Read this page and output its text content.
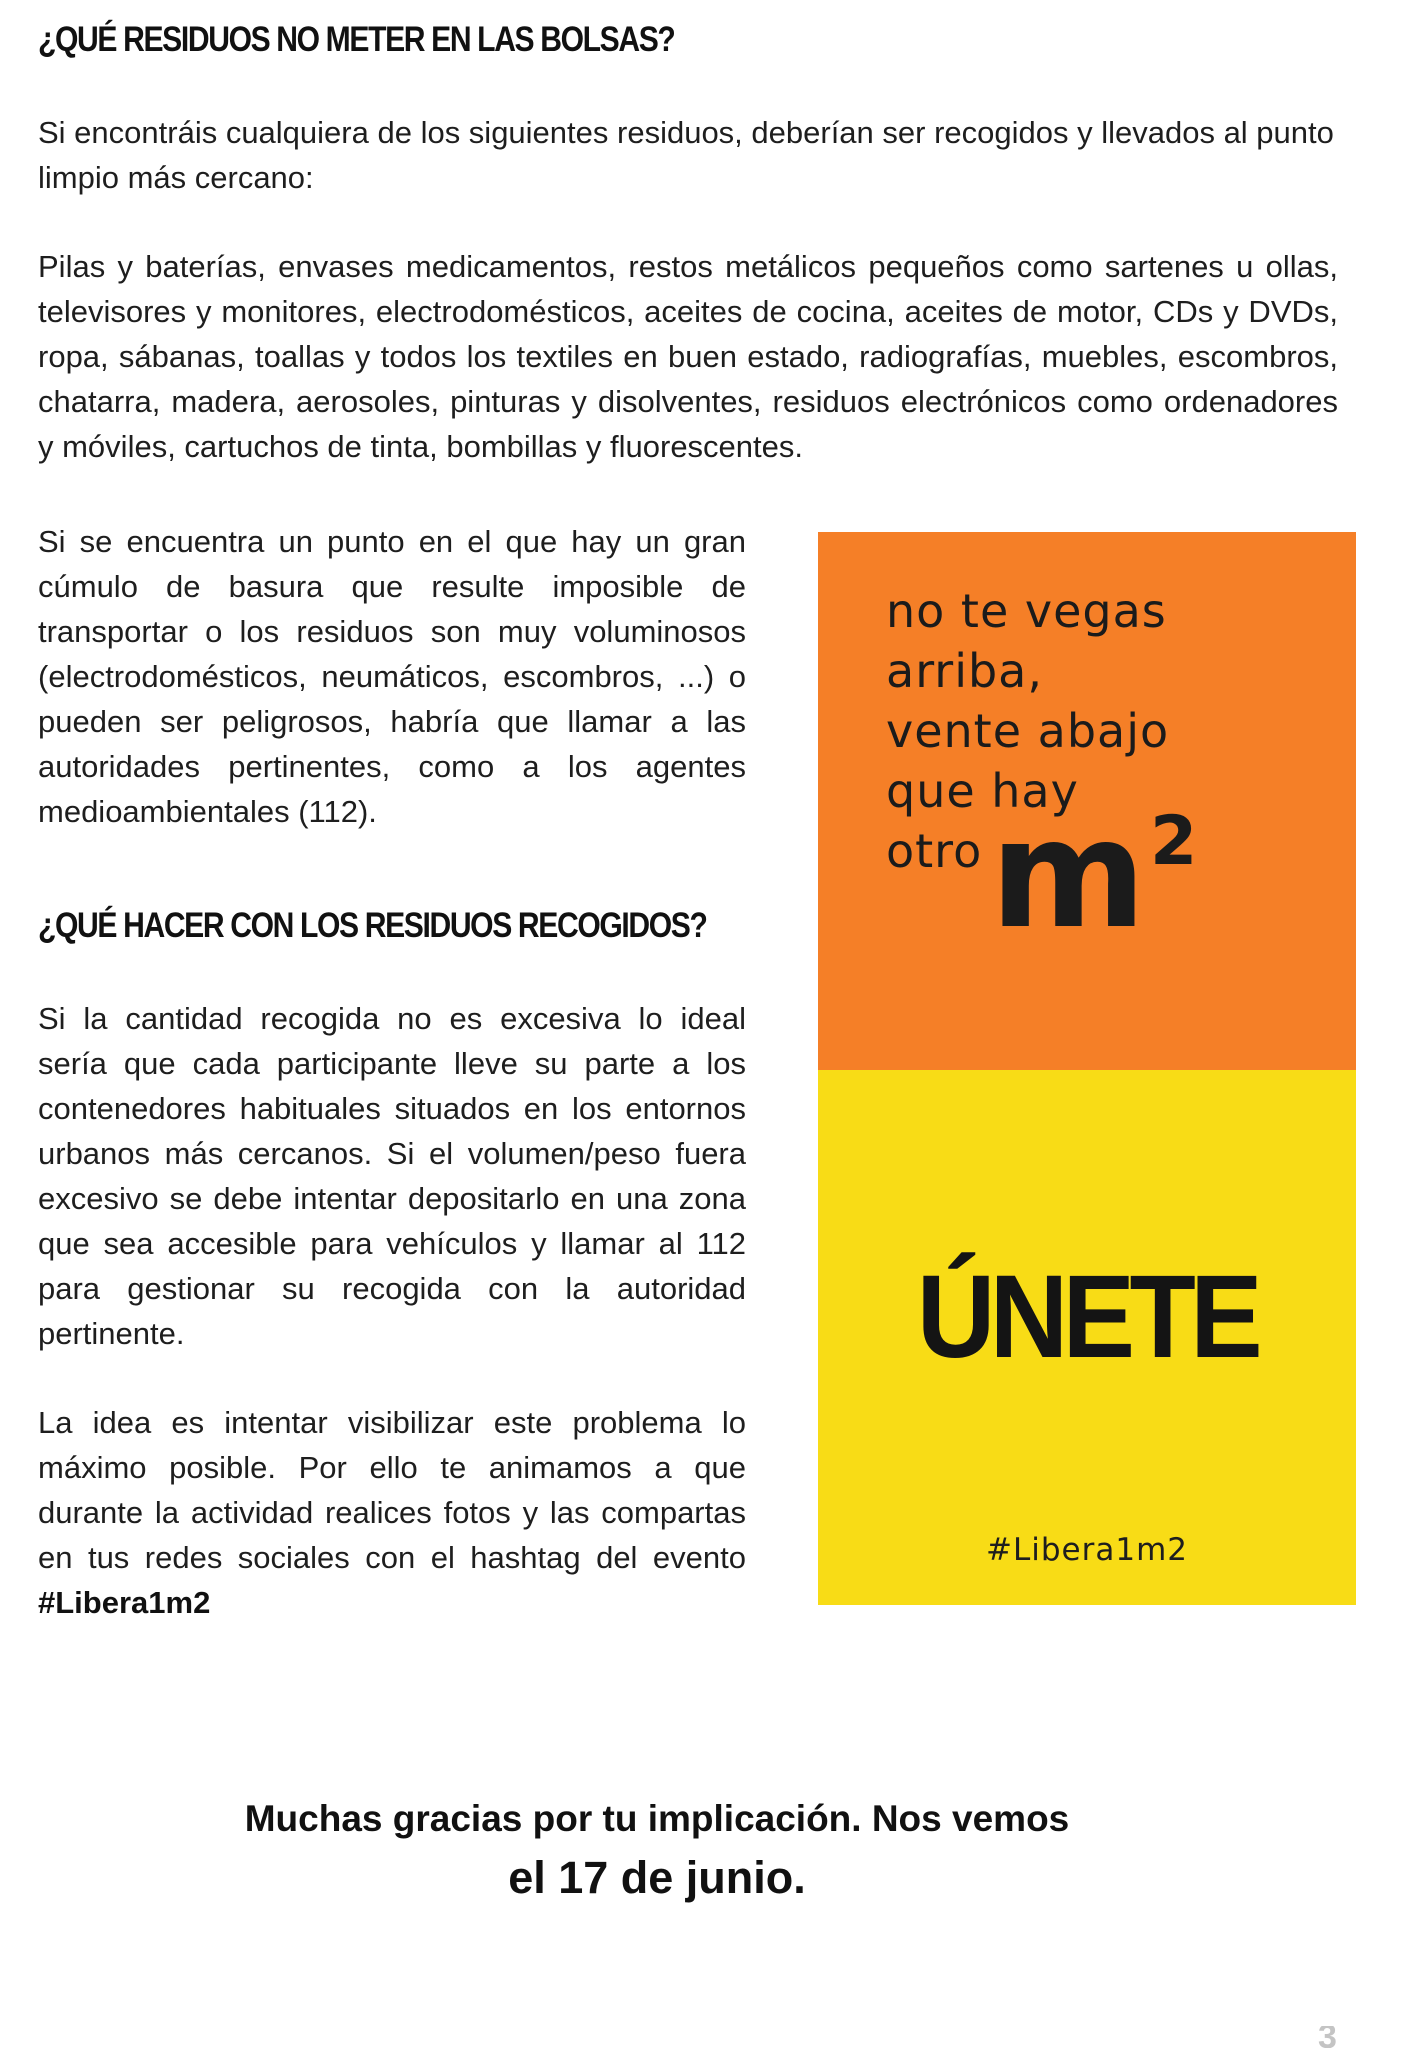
¿QUÉ RESIDUOS NO METER EN LAS BOLSAS?

Si encontráis cualquiera de los siguientes residuos, deberían ser recogidos y llevados al punto limpio más cercano:

Pilas y baterías, envases medicamentos, restos metálicos pequeños como sartenes u ollas, televisores y monitores, electrodomésticos, aceites de cocina, aceites de motor, CDs y DVDs, ropa, sábanas, toallas y todos los textiles en buen estado, radiografías, muebles, escombros, chatarra, madera, aerosoles, pinturas y disolventes, residuos electrónicos como ordenadores y móviles, cartuchos de tinta, bombillas y fluorescentes.

Si se encuentra un punto en el que hay un gran cúmulo de basura que resulte imposible de transportar o los residuos son muy voluminosos (electrodomésticos, neumáticos, escombros, ...) o pueden ser peligrosos, habría que llamar a las autoridades pertinentes, como a los agentes medioambientales (112).

¿QUÉ HACER CON LOS RESIDUOS RECOGIDOS?

Si la cantidad recogida no es excesiva lo ideal sería que cada participante lleve su parte a los contenedores habituales situados en los entornos urbanos más cercanos. Si el volumen/peso fuera excesivo se debe intentar depositarlo en una zona que sea accesible para vehículos y llamar al 112 para gestionar su recogida con la autoridad pertinente.

La idea es intentar visibilizar este problema lo máximo posible. Por ello te animamos a que durante la actividad realices fotos y las compartas en tus redes sociales con el hashtag del evento #Libera1m2

no te vegas

arriba,

vente abajo

que hay

otro m 2
ÚNETE
#Libera1m2

Muchas gracias por tu implicación. Nos vemos

el 17 de junio.

3
